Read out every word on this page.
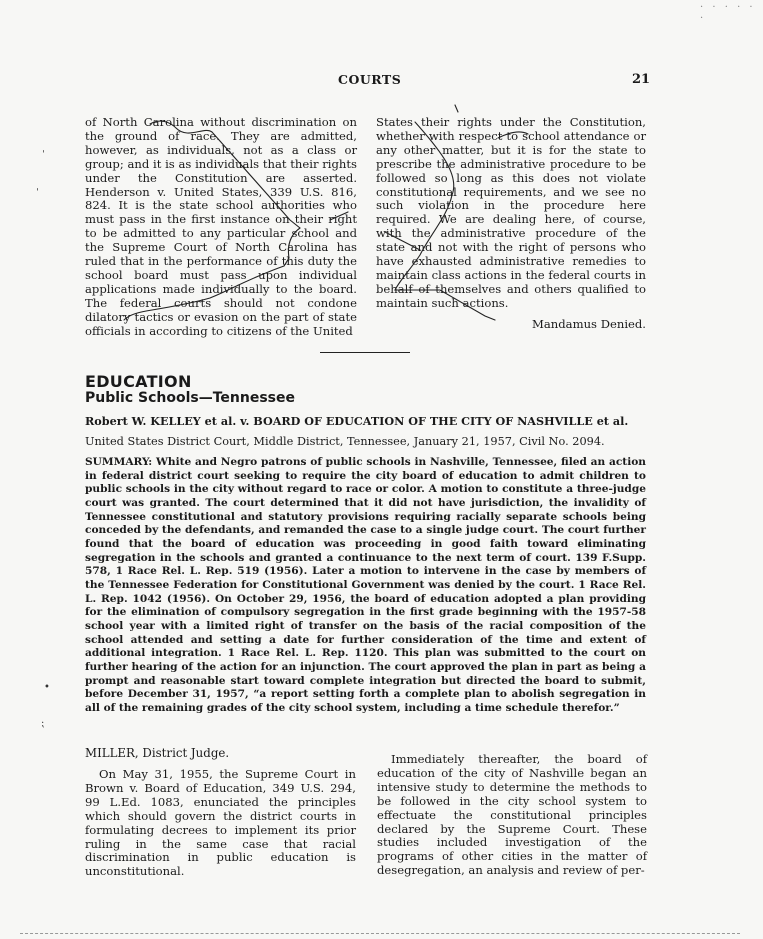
· · · · · ·
COURTS	21

of North Carolina without discrimination on the ground of race. They are admitted, however, as individuals, not as a class or group; and it is as individuals that their rights under the Constitution are asserted. Henderson v. United States, 339 U.S. 816, 824. It is the state school authorities who must pass in the first instance on their right to be admitted to any particular school and the Supreme Court of North Carolina has ruled that in the performance of this duty the school board must pass upon individual applications made individually to the board. The federal courts should not condone dilatory tactics or evasion on the part of state officials in according to citizens of the United

States their rights under the Constitution, whether with respect to school attendance or any other matter, but it is for the state to prescribe the administrative procedure to be followed so long as this does not violate constitutional requirements, and we see no such violation in the procedure here required. We are dealing here, of course, with the administrative procedure of the state and not with the right of persons who have exhausted administrative remedies to maintain class actions in the federal courts in behalf of themselves and others qualified to maintain such actions.

Mandamus Denied.

ˈ
ˌ
EDUCATION
Public Schools—Tennessee
Robert W. KELLEY et al. v. BOARD OF EDUCATION OF THE CITY OF NASHVILLE et al.
United States District Court, Middle District, Tennessee, January 21, 1957, Civil No. 2094.

SUMMARY: White and Negro patrons of public schools in Nashville, Tennessee, filed an action in federal district court seeking to require the city board of education to admit children to public schools in the city without regard to race or color. A motion to constitute a three-judge court was granted. The court determined that it did not have jurisdiction, the invalidity of Tennessee constitutional and statutory provisions requiring racially separate schools being conceded by the defendants, and remanded the case to a single judge court. The court further found that the board of education was proceeding in good faith toward eliminating segregation in the schools and granted a continuance to the next term of court. 139 F.Supp. 578, 1 Race Rel. L. Rep. 519 (1956). Later a motion to intervene in the case by members of the Tennessee Federation for Constitutional Government was denied by the court. 1 Race Rel. L. Rep. 1042 (1956). On October 29, 1956, the board of education adopted a plan providing for the elimination of compulsory segregation in the first grade beginning with the 1957-58 school year with a limited right of transfer on the basis of the racial composition of the school attended and setting a date for further consideration of the time and extent of additional integration. 1 Race Rel. L. Rep. 1120. This plan was submitted to the court on further hearing of the action for an injunction. The court approved the plan in part as being a prompt and reasonable start toward complete integration but directed the board to submit, before December 31, 1957, “a report setting forth a complete plan to abolish segregation in all of the remaining grades of the city school system, including a time schedule therefor.”

•
⁏
MILLER, District Judge.

On May 31, 1955, the Supreme Court in Brown v. Board of Education, 349 U.S. 294, 99 L.Ed. 1083, enunciated the principles which should govern the district courts in formulating decrees to implement its prior ruling in the same case that racial discrimination in public education is unconstitutional.

Immediately thereafter, the board of education of the city of Nashville began an intensive study to determine the methods to be followed in the city school system to effectuate the constitutional principles declared by the Supreme Court. These studies included investigation of the programs of other cities in the matter of desegregation, an analysis and review of per-
